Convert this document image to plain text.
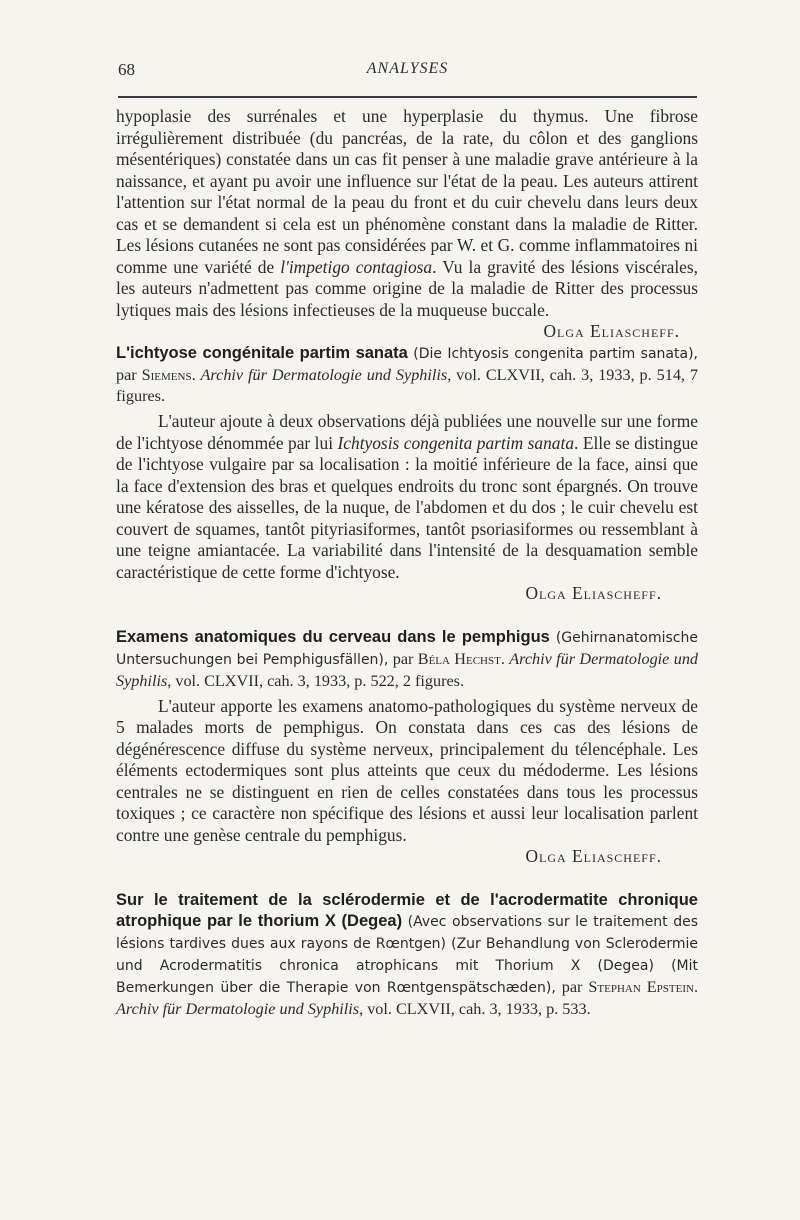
68	ANALYSES

hypoplasie des surrénales et une hyperplasie du thymus. Une fibrose irrégulièrement distribuée (du pancréas, de la rate, du côlon et des ganglions mésentériques) constatée dans un cas fit penser à une maladie grave antérieure à la naissance, et ayant pu avoir une influence sur l'état de la peau. Les auteurs attirent l'attention sur l'état normal de la peau du front et du cuir chevelu dans leurs deux cas et se demandent si cela est un phénomène constant dans la maladie de Ritter. Les lésions cutanées ne sont pas considérées par W. et G. comme inflammatoires ni comme une variété de l'impetigo contagiosa. Vu la gravité des lésions viscérales, les auteurs n'admettent pas comme origine de la maladie de Ritter des processus lytiques mais des lésions infectieuses de la muqueuse buccale.
Olga Eliascheff.

L'ichtyose congénitale partim sanata (Die Ichtyosis congenita partim sanata), par Siemens. Archiv für Dermatologie und Syphilis, vol. CLXVII, cah. 3, 1933, p. 514, 7 figures.

L'auteur ajoute à deux observations déjà publiées une nouvelle sur une forme de l'ichtyose dénommée par lui Ichtyosis congenita partim sanata. Elle se distingue de l'ichtyose vulgaire par sa localisation : la moitié inférieure de la face, ainsi que la face d'extension des bras et quelques endroits du tronc sont épargnés. On trouve une kératose des aisselles, de la nuque, de l'abdomen et du dos ; le cuir chevelu est couvert de squames, tantôt pityriasiformes, tantôt psoriasiformes ou ressemblant à une teigne amiantacée. La variabilité dans l'intensité de la desquamation semble caractéristique de cette forme d'ichtyose.

Olga Eliascheff.

Examens anatomiques du cerveau dans le pemphigus (Gehirnanatomische Untersuchungen bei Pemphigusfällen), par Béla Hechst. Archiv für Dermatologie und Syphilis, vol. CLXVII, cah. 3, 1933, p. 522, 2 figures.

L'auteur apporte les examens anatomo-pathologiques du système nerveux de 5 malades morts de pemphigus. On constata dans ces cas des lésions de dégénérescence diffuse du système nerveux, principalement du télencéphale. Les éléments ectodermiques sont plus atteints que ceux du médoderme. Les lésions centrales ne se distinguent en rien de celles constatées dans tous les processus toxiques ; ce caractère non spécifique des lésions et aussi leur localisation parlent contre une genèse centrale du pemphigus.

Olga Eliascheff.

Sur le traitement de la sclérodermie et de l'acrodermatite chronique atrophique par le thorium X (Degea) (Avec observations sur le traitement des lésions tardives dues aux rayons de Rœntgen) (Zur Behandlung von Sclerodermie und Acrodermatitis chronica atrophicans mit Thorium X (Degea) (Mit Bemerkungen über die Therapie von Rœntgenspätschæden), par Stephan Epstein. Archiv für Dermatologie und Syphilis, vol. CLXVII, cah. 3, 1933, p. 533.
